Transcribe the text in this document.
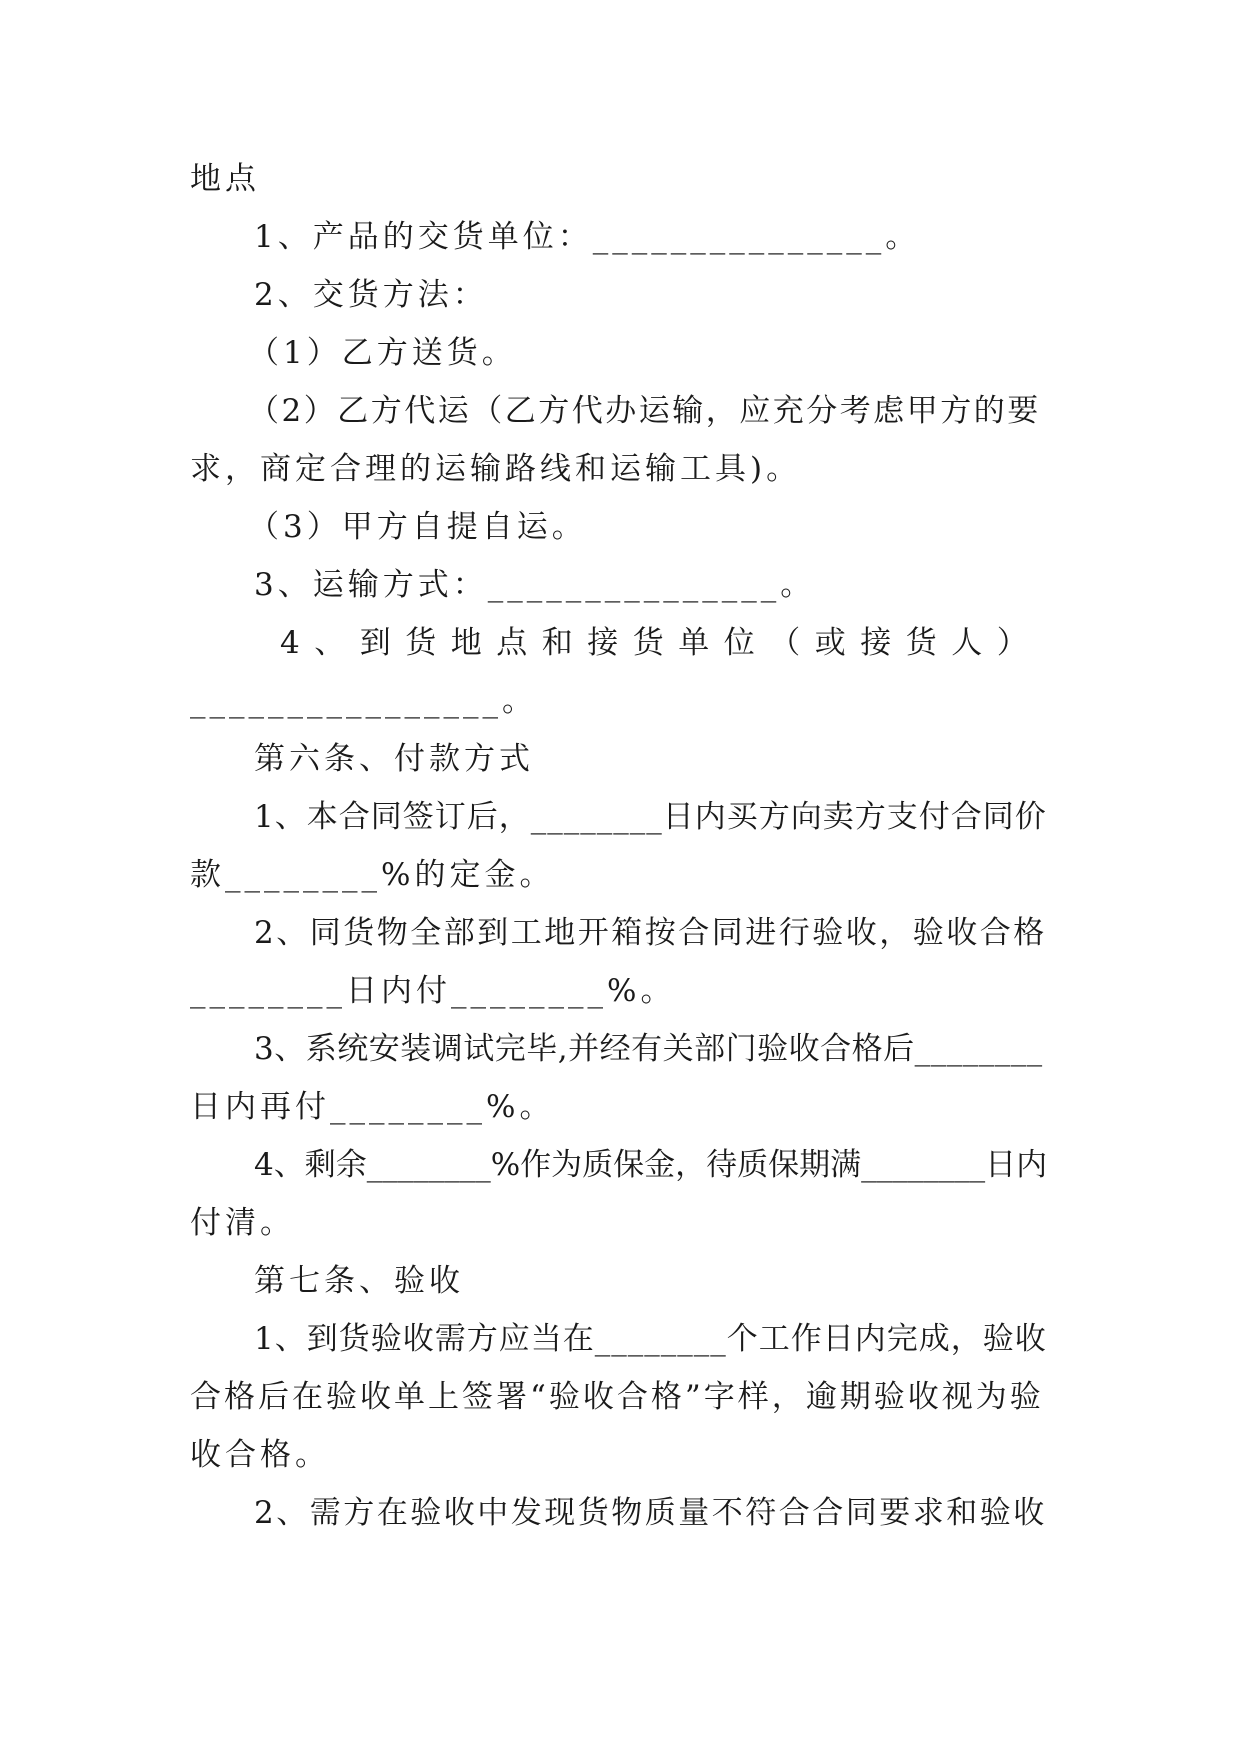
地点
1、产品的交货单位：_______________。
2、交货方法：
（1）乙方送货。
（2）乙方代运（乙方代办运输，应充分考虑甲方的要
求，商定合理的运输路线和运输工具)。
（3）甲方自提自运。
3、运输方式：_______________。
4、到货地点和接货单位（或接货人）
________________。
第六条、付款方式
1、本合同签订后，________日内买方向卖方支付合同价
款________%的定金。
2、同货物全部到工地开箱按合同进行验收，验收合格
________日内付________%。
3、系统安装调试完毕,并经有关部门验收合格后________
日内再付________%。
4、剩余________%作为质保金，待质保期满________日内
付清。
第七条、验收
1、到货验收需方应当在________个工作日内完成，验收
合格后在验收单上签署“验收合格”字样，逾期验收视为验
收合格。
2、需方在验收中发现货物质量不符合合同要求和验收
